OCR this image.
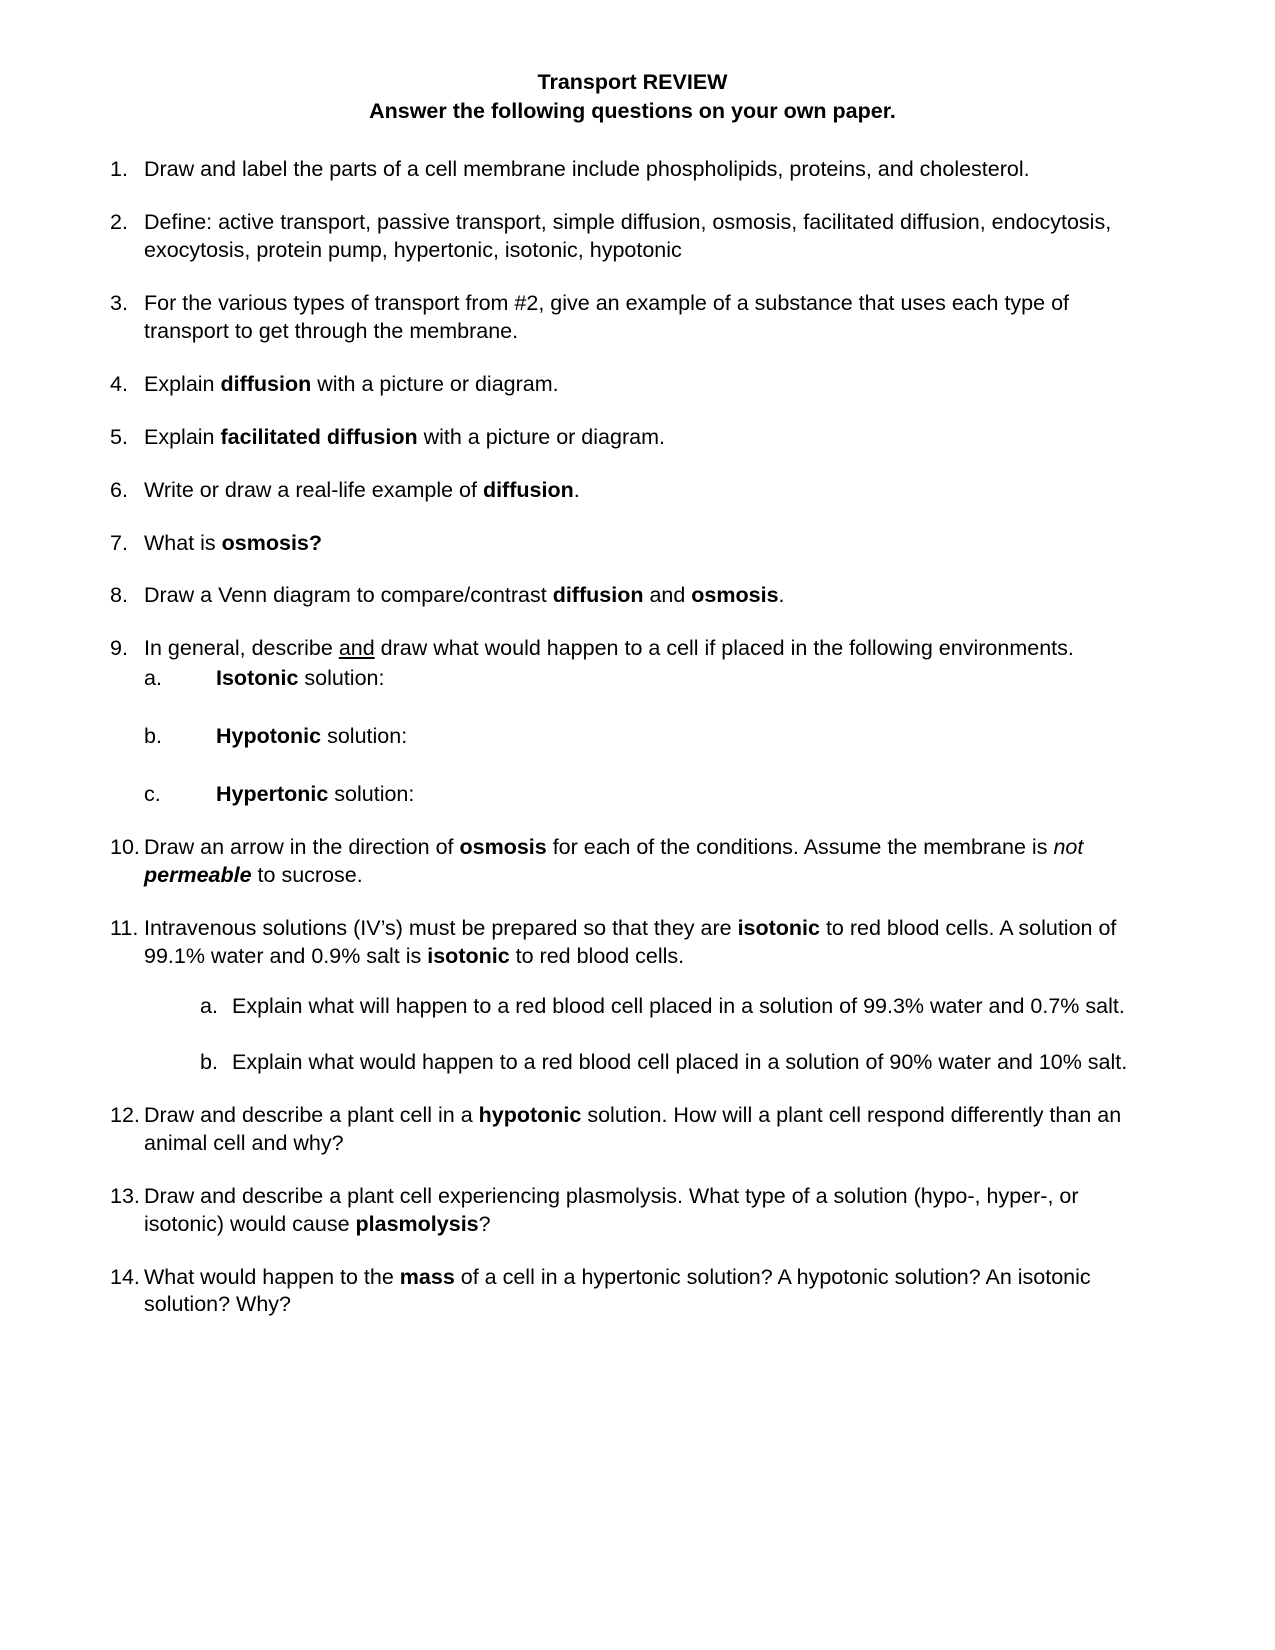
Transport REVIEW
Answer the following questions on your own paper.
1. Draw and label the parts of a cell membrane include phospholipids, proteins, and cholesterol.
2. Define: active transport, passive transport, simple diffusion, osmosis, facilitated diffusion, endocytosis, exocytosis, protein pump, hypertonic, isotonic, hypotonic
3. For the various types of transport from #2, give an example of a substance that uses each type of transport to get through the membrane.
4. Explain diffusion with a picture or diagram.
5. Explain facilitated diffusion with a picture or diagram.
6. Write or draw a real-life example of diffusion.
7. What is osmosis?
8. Draw a Venn diagram to compare/contrast diffusion and osmosis.
9. In general, describe and draw what would happen to a cell if placed in the following environments.
a.	Isotonic solution:
b.	Hypotonic solution:
c.	Hypertonic solution:
10. Draw an arrow in the direction of osmosis for each of the conditions. Assume the membrane is not permeable to sucrose.
11. Intravenous solutions (IV’s) must be prepared so that they are isotonic to red blood cells. A solution of 99.1% water and 0.9% salt is isotonic to red blood cells.
a. Explain what will happen to a red blood cell placed in a solution of 99.3% water and 0.7% salt.
b. Explain what would happen to a red blood cell placed in a solution of 90% water and 10% salt.
12. Draw and describe a plant cell in a hypotonic solution. How will a plant cell respond differently than an animal cell and why?
13. Draw and describe a plant cell experiencing plasmolysis. What type of a solution (hypo-, hyper-, or isotonic) would cause plasmolysis?
14. What would happen to the mass of a cell in a hypertonic solution? A hypotonic solution? An isotonic solution? Why?
